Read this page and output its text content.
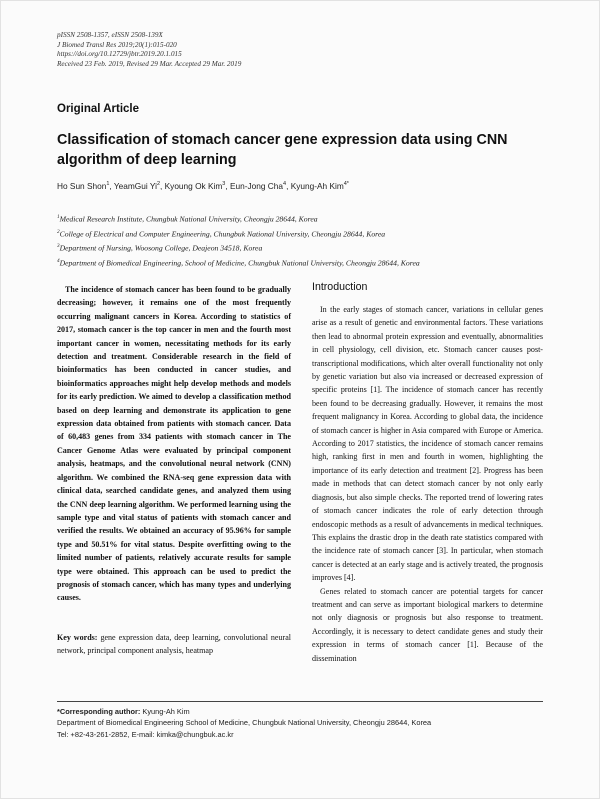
pISSN 2508-1357, eISSN 2508-139X
J Biomed Transl Res 2019;20(1):015-020
https://doi.org/10.12729/jbtr.2019.20.1.015
Received 23 Feb. 2019, Revised 29 Mar. Accepted 29 Mar. 2019
Original Article
Classification of stomach cancer gene expression data using CNN algorithm of deep learning
Ho Sun Shon$^1$, YeamGui Yi$^2$, Kyoung Ok Kim$^3$, Eun-Jong Cha$^4$, Kyung-Ah Kim$^{4*}$
$^1$Medical Research Institute, Chungbuk National University, Cheongju 28644, Korea
$^2$College of Electrical and Computer Engineering, Chungbuk National University, Cheongju 28644, Korea
$^3$Department of Nursing, Woosong College, Deajeon 34518, Korea
$^4$Department of Biomedical Engineering, School of Medicine, Chungbuk National University, Cheongju 28644, Korea
The incidence of stomach cancer has been found to be gradually decreasing; however, it remains one of the most frequently occurring malignant cancers in Korea. According to statistics of 2017, stomach cancer is the top cancer in men and the fourth most important cancer in women, necessitating methods for its early detection and treatment. Considerable research in the field of bioinformatics has been conducted in cancer studies, and bioinformatics approaches might help develop methods and models for its early prediction. We aimed to develop a classification method based on deep learning and demonstrate its application to gene expression data obtained from patients with stomach cancer. Data of 60,483 genes from 334 patients with stomach cancer in The Cancer Genome Atlas were evaluated by principal component analysis, heatmaps, and the convolutional neural network (CNN) algorithm. We combined the RNA-seq gene expression data with clinical data, searched candidate genes, and analyzed them using the CNN deep learning algorithm. We performed learning using the sample type and vital status of patients with stomach cancer and verified the results. We obtained an accuracy of 95.96% for sample type and 50.51% for vital status. Despite overfitting owing to the limited number of patients, relatively accurate results for sample type were obtained. This approach can be used to predict the prognosis of stomach cancer, which has many types and underlying causes.
Key words: gene expression data, deep learning, convolutional neural network, principal component analysis, heatmap
Introduction

In the early stages of stomach cancer, variations in cellular genes arise as a result of genetic and environmental factors. These variations then lead to abnormal protein expression and eventually, abnormalities in cell physiology, cell division, etc. Stomach cancer causes post-transcriptional modifications, which alter overall functionality not only by genetic variation but also via increased or decreased expression of specific proteins [1]. The incidence of stomach cancer has recently been found to be decreasing gradually. However, it remains the most frequent malignancy in Korea. According to global data, the incidence of stomach cancer is higher in Asia compared with Europe or America. According to 2017 statistics, the incidence of stomach cancer remains high, ranking first in men and fourth in women, highlighting the importance of its early detection and treatment [2]. Progress has been made in methods that can detect stomach cancer by not only early diagnosis, but also simple checks. The reported trend of lowering rates of stomach cancer indicates the role of early detection through endoscopic methods as a result of advancements in medical techniques. This explains the drastic drop in the death rate statistics compared with the incidence rate of stomach cancer [3]. In particular, when stomach cancer is detected at an early stage and is actively treated, the prognosis improves [4].

Genes related to stomach cancer are potential targets for cancer treatment and can serve as important biological markers to determine not only diagnosis or prognosis but also response to treatment. Accordingly, it is necessary to detect candidate genes and study their expression in terms of stomach cancer [1]. Because of the dissemination

*Corresponding author: Kyung-Ah Kim
Department of Biomedical Engineering School of Medicine, Chungbuk National University, Cheongju 28644, Korea
Tel: +82-43-261-2852, E-mail: kimka@chungbuk.ac.kr
